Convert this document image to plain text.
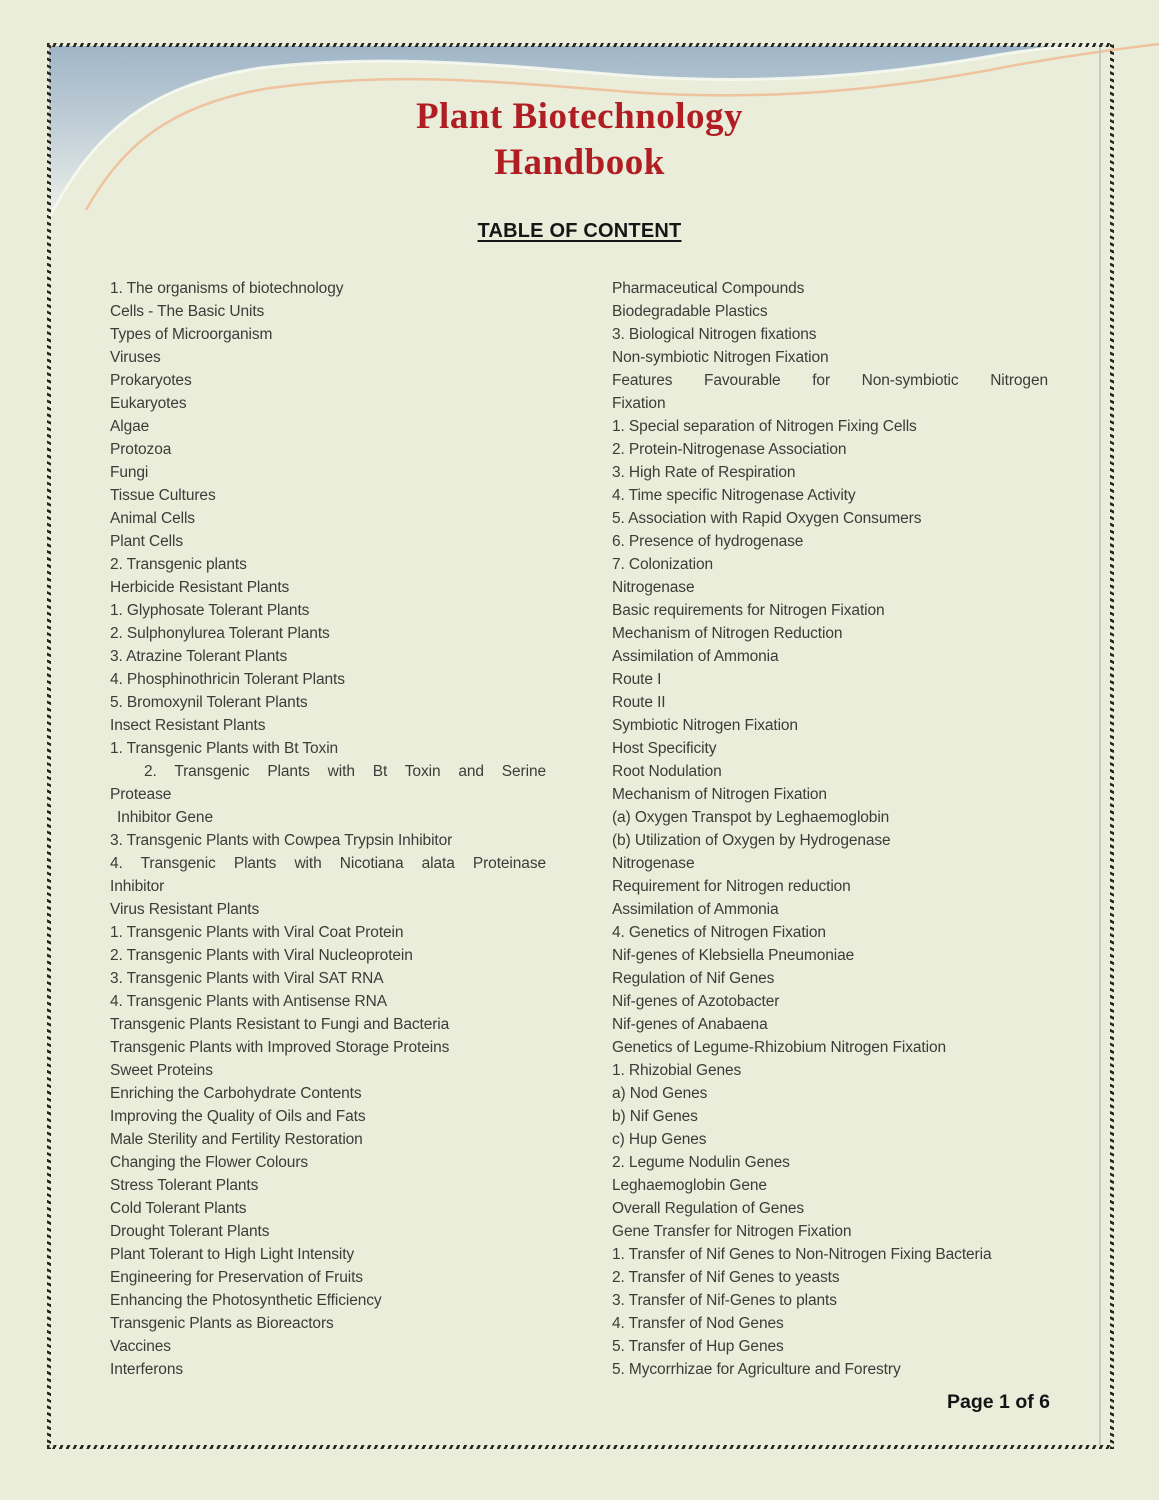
Plant Biotechnology
Handbook
TABLE OF CONTENT
1. The organisms of biotechnology
Cells - The Basic Units
Types of Microorganism
Viruses
Prokaryotes
Eukaryotes
Algae
Protozoa
Fungi
Tissue Cultures
Animal Cells
Plant Cells
2. Transgenic plants
Herbicide Resistant Plants
1. Glyphosate Tolerant Plants
2. Sulphonylurea Tolerant Plants
3. Atrazine Tolerant Plants
4. Phosphinothricin Tolerant Plants
5. Bromoxynil Tolerant Plants
Insect Resistant Plants
1. Transgenic Plants with Bt Toxin
2. Transgenic Plants with Bt Toxin and Serine
Protease
Inhibitor Gene
3. Transgenic Plants with Cowpea Trypsin Inhibitor
4. Transgenic Plants with Nicotiana alata Proteinase
Inhibitor
Virus Resistant Plants
1. Transgenic Plants with Viral Coat Protein
2. Transgenic Plants with Viral Nucleoprotein
3. Transgenic Plants with Viral SAT RNA
4. Transgenic Plants with Antisense RNA
Transgenic Plants Resistant to Fungi and Bacteria
Transgenic Plants with Improved Storage Proteins
Sweet Proteins
Enriching the Carbohydrate Contents
Improving the Quality of Oils and Fats
Male Sterility and Fertility Restoration
Changing the Flower Colours
Stress Tolerant Plants
Cold Tolerant Plants
Drought Tolerant Plants
Plant Tolerant to High Light Intensity
Engineering for Preservation of Fruits
Enhancing the Photosynthetic Efficiency
Transgenic Plants as Bioreactors
Vaccines
Interferons
Pharmaceutical Compounds
Biodegradable Plastics
3. Biological Nitrogen fixations
Non-symbiotic Nitrogen Fixation
Features Favourable for Non-symbiotic Nitrogen
Fixation
1. Special separation of Nitrogen Fixing Cells
2. Protein-Nitrogenase Association
3. High Rate of Respiration
4. Time specific Nitrogenase Activity
5. Association with Rapid Oxygen Consumers
6. Presence of hydrogenase
7. Colonization
Nitrogenase
Basic requirements for Nitrogen Fixation
Mechanism of Nitrogen Reduction
Assimilation of Ammonia
Route I
Route II
Symbiotic Nitrogen Fixation
Host Specificity
Root Nodulation
Mechanism of Nitrogen Fixation
(a) Oxygen Transpot by Leghaemoglobin
(b) Utilization of Oxygen by Hydrogenase
Nitrogenase
Requirement for Nitrogen reduction
Assimilation of Ammonia
4. Genetics of Nitrogen Fixation
Nif-genes of Klebsiella Pneumoniae
Regulation of Nif Genes
Nif-genes of Azotobacter
Nif-genes of Anabaena
Genetics of Legume-Rhizobium Nitrogen Fixation
1. Rhizobial Genes
a) Nod Genes
b) Nif Genes
c) Hup Genes
2. Legume Nodulin Genes
Leghaemoglobin Gene
Overall Regulation of Genes
Gene Transfer for Nitrogen Fixation
1. Transfer of Nif Genes to Non-Nitrogen Fixing Bacteria
2. Transfer of Nif Genes to yeasts
3. Transfer of Nif-Genes to plants
4. Transfer of Nod Genes
5. Transfer of Hup Genes
5. Mycorrhizae for Agriculture and Forestry
Page 1 of 6
